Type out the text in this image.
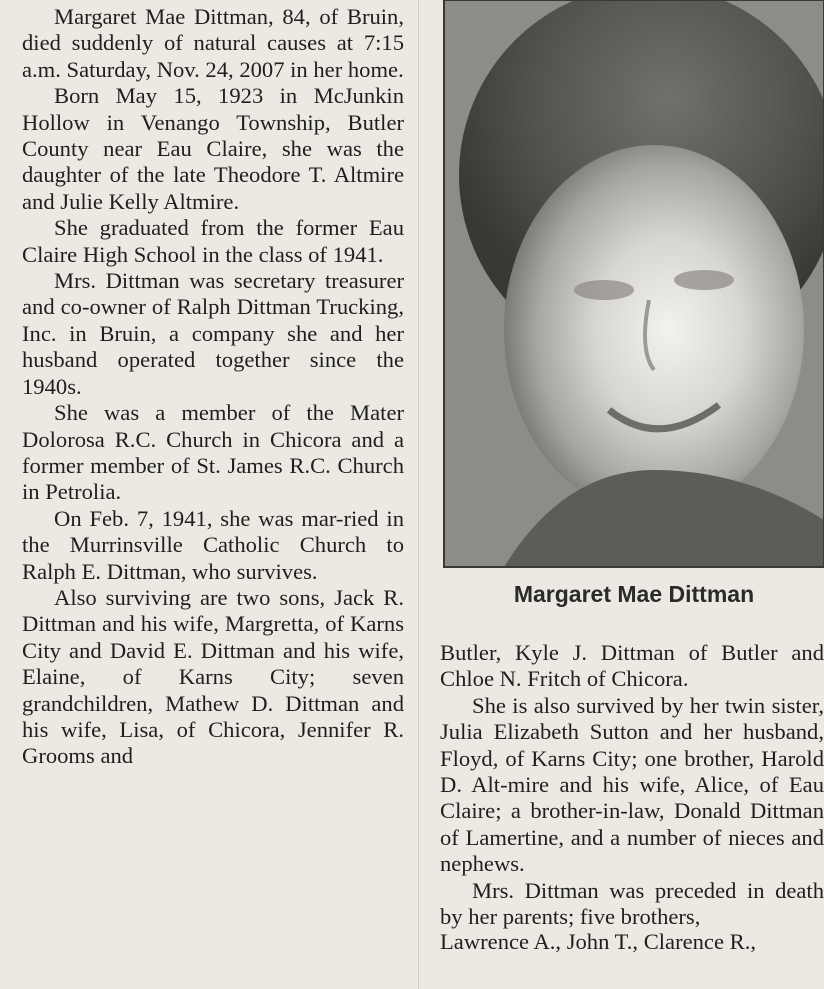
Margaret Mae Dittman, 84, of Bruin, died suddenly of natural causes at 7:15 a.m. Saturday, Nov. 24, 2007 in her home.

Born May 15, 1923 in McJunkin Hollow in Venango Township, Butler County near Eau Claire, she was the daughter of the late Theodore T. Altmire and Julie Kelly Altmire.

She graduated from the former Eau Claire High School in the class of 1941.

Mrs. Dittman was secretary treasurer and co-owner of Ralph Dittman Trucking, Inc. in Bruin, a company she and her husband operated together since the 1940s.

She was a member of the Mater Dolorosa R.C. Church in Chicora and a former member of St. James R.C. Church in Petrolia.

On Feb. 7, 1941, she was mar-ried in the Murrinsville Catholic Church to Ralph E. Dittman, who survives.

Also surviving are two sons, Jack R. Dittman and his wife, Margretta, of Karns City and David E. Dittman and his wife, Elaine, of Karns City; seven grandchildren, Mathew D. Dittman and his wife, Lisa, of Chicora, Jennifer R. Grooms and

Margaret Mae Dittman

Butler, Kyle J. Dittman of Butler and Chloe N. Fritch of Chicora.

She is also survived by her twin sister, Julia Elizabeth Sutton and her husband, Floyd, of Karns City; one brother, Harold D. Alt-mire and his wife, Alice, of Eau Claire; a brother-in-law, Donald Dittman of Lamertine, and a number of nieces and nephews.

Mrs. Dittman was preceded in death by her parents; five brothers,

Lawrence A., John T., Clarence R.,
